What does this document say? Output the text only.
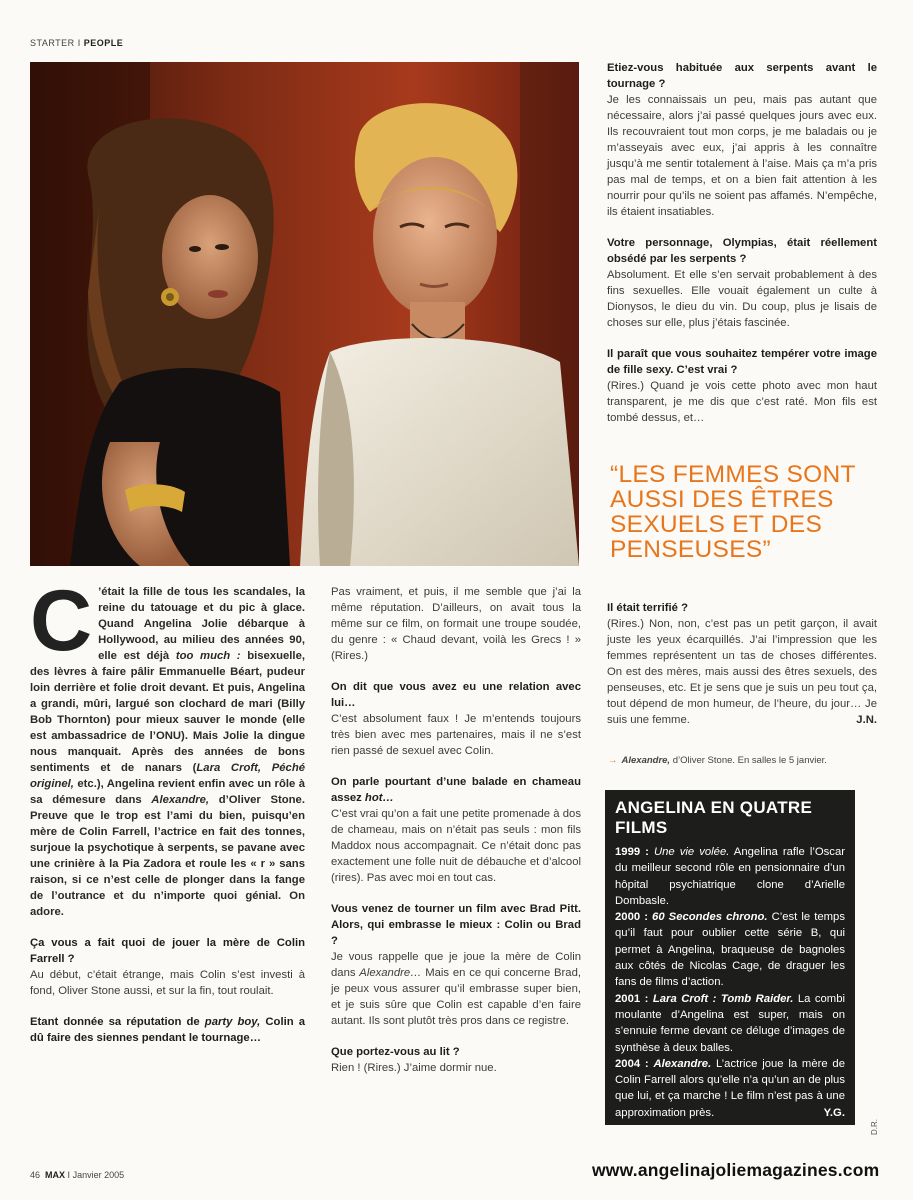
STARTER I PEOPLE

C ’était la fille de tous les scandales, la reine du tatouage et du pic à glace. Quand Angelina Jolie débarque à Hollywood, au milieu des années 90, elle est déjà too much : bisexuelle, des lèvres à faire pâlir Emmanuelle Béart, pudeur loin derrière et folie droit devant. Et puis, Angelina a grandi, mûri, largué son clochard de mari (Billy Bob Thornton) pour mieux sauver le monde (elle est ambassadrice de l’ONU). Mais Jolie la dingue nous manquait. Après des années de bons sentiments et de nanars (Lara Croft, Péché originel, etc.), Angelina revient enfin avec un rôle à sa démesure dans Alexandre, d’Oliver Stone. Preuve que le trop est l’ami du bien, puisqu’en mère de Colin Farrell, l’actrice en fait des tonnes, surjoue la psychotique à serpents, se pavane avec une crinière à la Pia Zadora et roule les « r » sans raison, si ce n’est celle de plonger dans la fange de l’outrance et du n’importe quoi génial. On adore.

Ça vous a fait quoi de jouer la mère de Colin Farrell ?
Au début, c’était étrange, mais Colin s’est investi à fond, Oliver Stone aussi, et sur la fin, tout roulait.

Etant donnée sa réputation de party boy, Colin a dû faire des siennes pendant le tournage…

Pas vraiment, et puis, il me semble que j’ai la même réputation. D’ailleurs, on avait tous la même sur ce film, on formait une troupe soudée, du genre : « Chaud devant, voilà les Grecs ! » (Rires.)

On dit que vous avez eu une relation avec lui…
C’est absolument faux ! Je m’entends toujours très bien avec mes partenaires, mais il ne s’est rien passé de sexuel avec Colin.

On parle pourtant d’une balade en chameau assez hot…
C’est vrai qu’on a fait une petite promenade à dos de chameau, mais on n’était pas seuls : mon fils Maddox nous accompagnait. Ce n’était donc pas exactement une folle nuit de débauche et d’alcool (rires). Pas avec moi en tout cas.

Vous venez de tourner un film avec Brad Pitt. Alors, qui embrasse le mieux : Colin ou Brad ?
Je vous rappelle que je joue la mère de Colin dans Alexandre… Mais en ce qui concerne Brad, je peux vous assurer qu’il embrasse super bien, et je suis sûre que Colin est capable d’en faire autant. Ils sont plutôt très pros dans ce registre.

Que portez-vous au lit ?
Rien ! (Rires.) J’aime dormir nue.

Etiez-vous habituée aux serpents avant le tournage ?
Je les connaissais un peu, mais pas autant que nécessaire, alors j’ai passé quelques jours avec eux. Ils recouvraient tout mon corps, je me baladais ou je m’asseyais avec eux, j’ai appris à les connaître jusqu’à me sentir totalement à l’aise. Mais ça m’a pris pas mal de temps, et on a bien fait attention à les nourrir pour qu’ils ne soient pas affamés. N’empêche, ils étaient insatiables.

Votre personnage, Olympias, était réellement obsédé par les serpents ?
Absolument. Et elle s’en servait probablement à des fins sexuelles. Elle vouait également un culte à Dionysos, le dieu du vin. Du coup, plus je lisais de choses sur elle, plus j’étais fascinée.

Il paraît que vous souhaitez tempérer votre image de fille sexy. C’est vrai ?
(Rires.) Quand je vois cette photo avec mon haut transparent, je me dis que c’est raté. Mon fils est tombé dessus, et…

“LES FEMMES SONT AUSSI DES ÊTRES SEXUELS ET DES PENSEUSES”

Il était terrifié ?
(Rires.) Non, non, c’est pas un petit garçon, il avait juste les yeux écarquillés. J’ai l’impression que les femmes représentent un tas de choses différentes. On est des mères, mais aussi des êtres sexuels, des penseuses, etc. Et je sens que je suis un peu tout ça, tout dépend de mon humeur, de l’heure, du jour… Je suis une femme.	J.N.

→ Alexandre, d’Oliver Stone. En salles le 5 janvier.
ANGELINA EN QUATRE FILMS
1999 : Une vie volée. Angelina rafle l’Oscar du meilleur second rôle en pensionnaire d’un hôpital psychiatrique clone d’Arielle Dombasle.
2000 : 60 Secondes chrono. C’est le temps qu’il faut pour oublier cette série B, qui permet à Angelina, braqueuse de bagnoles aux côtés de Nicolas Cage, de draguer les fans de films d’action.
2001 : Lara Croft : Tomb Raider. La combi moulante d’Angelina est super, mais on s’ennuie ferme devant ce déluge d’images de synthèse à deux balles.
2004 : Alexandre. L’actrice joue la mère de Colin Farrell alors qu’elle n’a qu’un an de plus que lui, et ça marche ! Le film n’est pas à une approximation près.	Y.G.
D.R.
46 MAX I Janvier 2005	www.angelinajoliemagazines.com
